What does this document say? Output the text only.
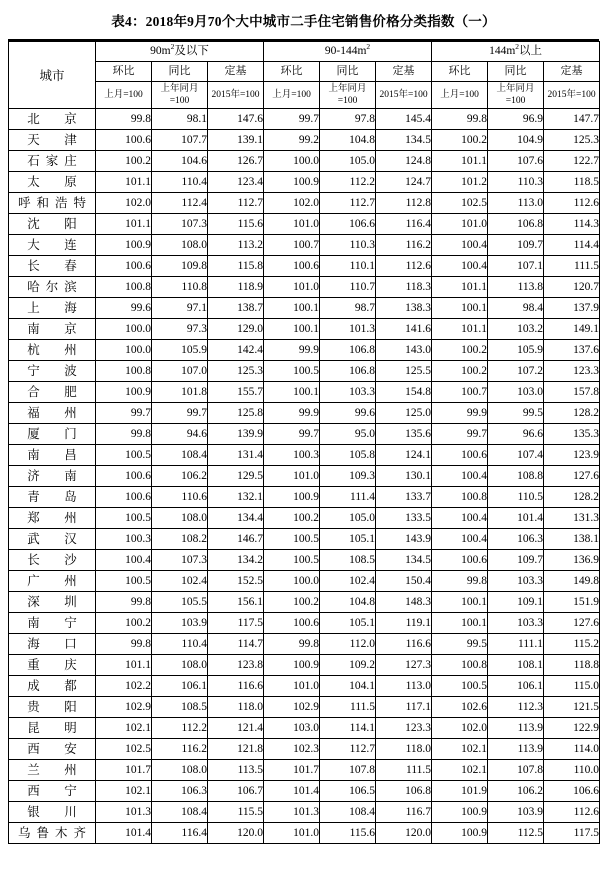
表4：2018年9月70个大中城市二手住宅销售价格分类指数（一）
城市	$90m^2$及以下			$90-144m^2$			$144m^2$以上		
	环比	同比	定基	环比	同比	定基	环比	同比	定基
	上月=100	上年同月=100	2015年=100	上月=100	上年同月=100	2015年=100	上月=100	上年同月=100	2015年=100
北　京	99.8	98.1	147.6	99.7	97.8	145.4	99.8	96.9	147.7
天　津	100.6	107.7	139.1	99.2	104.8	134.5	100.2	104.9	125.3
石家庄	100.2	104.6	126.7	100.0	105.0	124.8	101.1	107.6	122.7
太　原	101.1	110.4	123.4	100.9	112.2	124.7	101.2	110.3	118.5
呼和浩特	102.0	112.4	112.7	102.0	112.7	112.8	102.5	113.0	112.6
沈　阳	101.1	107.3	115.6	101.0	106.6	116.4	101.0	106.8	114.3
大　连	100.9	108.0	113.2	100.7	110.3	116.2	100.4	109.7	114.4
长　春	100.6	109.8	115.8	100.6	110.1	112.6	100.4	107.1	111.5
哈尔滨	100.8	110.8	118.9	101.0	110.7	118.3	101.1	113.8	120.7
上　海	99.6	97.1	138.7	100.1	98.7	138.3	100.1	98.4	137.9
南　京	100.0	97.3	129.0	100.1	101.3	141.6	101.1	103.2	149.1
杭　州	100.0	105.9	142.4	99.9	106.8	143.0	100.2	105.9	137.6
宁　波	100.8	107.0	125.3	100.5	106.8	125.5	100.2	107.2	123.3
合　肥	100.9	101.8	155.7	100.1	103.3	154.8	100.7	103.0	157.8
福　州	99.7	99.7	125.8	99.9	99.6	125.0	99.9	99.5	128.2
厦　门	99.8	94.6	139.9	99.7	95.0	135.6	99.7	96.6	135.3
南　昌	100.5	108.4	131.4	100.3	105.8	124.1	100.6	107.4	123.9
济　南	100.6	106.2	129.5	101.0	109.3	130.1	100.4	108.8	127.6
青　岛	100.6	110.6	132.1	100.9	111.4	133.7	100.8	110.5	128.2
郑　州	100.5	108.0	134.4	100.2	105.0	133.5	100.4	101.4	131.3
武　汉	100.3	108.2	146.7	100.5	105.1	143.9	100.4	106.3	138.1
长　沙	100.4	107.3	134.2	100.5	108.5	134.5	100.6	109.7	136.9
广　州	100.5	102.4	152.5	100.0	102.4	150.4	99.8	103.3	149.8
深　圳	99.8	105.5	156.1	100.2	104.8	148.3	100.1	109.1	151.9
南　宁	100.2	103.9	117.5	100.6	105.1	119.1	100.1	103.3	127.6
海　口	99.8	110.4	114.7	99.8	112.0	116.6	99.5	111.1	115.2
重　庆	101.1	108.0	123.8	100.9	109.2	127.3	100.8	108.1	118.8
成　都	102.2	106.1	116.6	101.0	104.1	113.0	100.5	106.1	115.0
贵　阳	102.9	108.5	118.0	102.9	111.5	117.1	102.6	112.3	121.5
昆　明	102.1	112.2	121.4	103.0	114.1	123.3	102.0	113.9	122.9
西　安	102.5	116.2	121.8	102.3	112.7	118.0	102.1	113.9	114.0
兰　州	101.7	108.0	113.5	101.7	107.8	111.5	102.1	107.8	110.0
西　宁	102.1	106.3	106.7	101.4	106.5	106.8	101.9	106.2	106.6
银　川	101.3	108.4	115.5	101.3	108.4	116.7	100.9	103.9	112.6
乌鲁木齐	101.4	116.4	120.0	101.0	115.6	120.0	100.9	112.5	117.5
